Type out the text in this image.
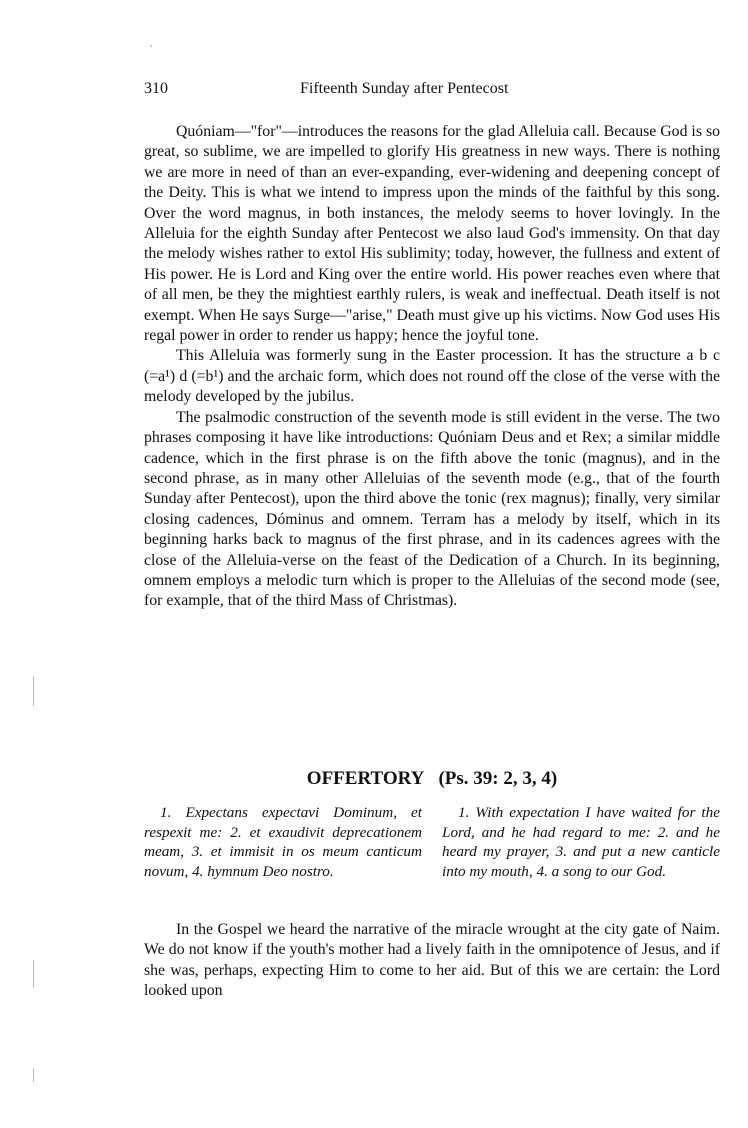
310	Fifteenth Sunday after Pentecost

Quóniam—"for"—introduces the reasons for the glad Alleluia call. Because God is so great, so sublime, we are impelled to glorify His greatness in new ways. There is nothing we are more in need of than an ever-expanding, ever-widening and deepening concept of the Deity. This is what we intend to impress upon the minds of the faithful by this song. Over the word magnus, in both instances, the melody seems to hover lovingly. In the Alleluia for the eighth Sunday after Pentecost we also laud God's immensity. On that day the melody wishes rather to extol His sublimity; today, however, the fullness and extent of His power. He is Lord and King over the entire world. His power reaches even where that of all men, be they the mightiest earthly rulers, is weak and ineffectual. Death itself is not exempt. When He says Surge—"arise," Death must give up his victims. Now God uses His regal power in order to render us happy; hence the joyful tone.

This Alleluia was formerly sung in the Easter procession. It has the structure a b c (=a¹) d (=b¹) and the archaic form, which does not round off the close of the verse with the melody developed by the jubilus.

The psalmodic construction of the seventh mode is still evident in the verse. The two phrases composing it have like introductions: Quóniam Deus and et Rex; a similar middle cadence, which in the first phrase is on the fifth above the tonic (magnus), and in the second phrase, as in many other Alleluias of the seventh mode (e.g., that of the fourth Sunday after Pentecost), upon the third above the tonic (rex magnus); finally, very similar closing cadences, Dóminus and omnem. Terram has a melody by itself, which in its beginning harks back to magnus of the first phrase, and in its cadences agrees with the close of the Alleluia-verse on the feast of the Dedication of a Church. In its beginning, omnem employs a melodic turn which is proper to the Alleluias of the second mode (see, for example, that of the third Mass of Christmas).

OFFERTORY (Ps. 39: 2, 3, 4)

1. Expectans expectavi Dominum, et respexit me: 2. et exaudivit deprecationem meam, 3. et immisit in os meum canticum novum, 4. hymnum Deo nostro.

1. With expectation I have waited for the Lord, and he had regard to me: 2. and he heard my prayer, 3. and put a new canticle into my mouth, 4. a song to our God.

In the Gospel we heard the narrative of the miracle wrought at the city gate of Naim. We do not know if the youth's mother had a lively faith in the omnipotence of Jesus, and if she was, perhaps, expecting Him to come to her aid. But of this we are certain: the Lord looked upon
